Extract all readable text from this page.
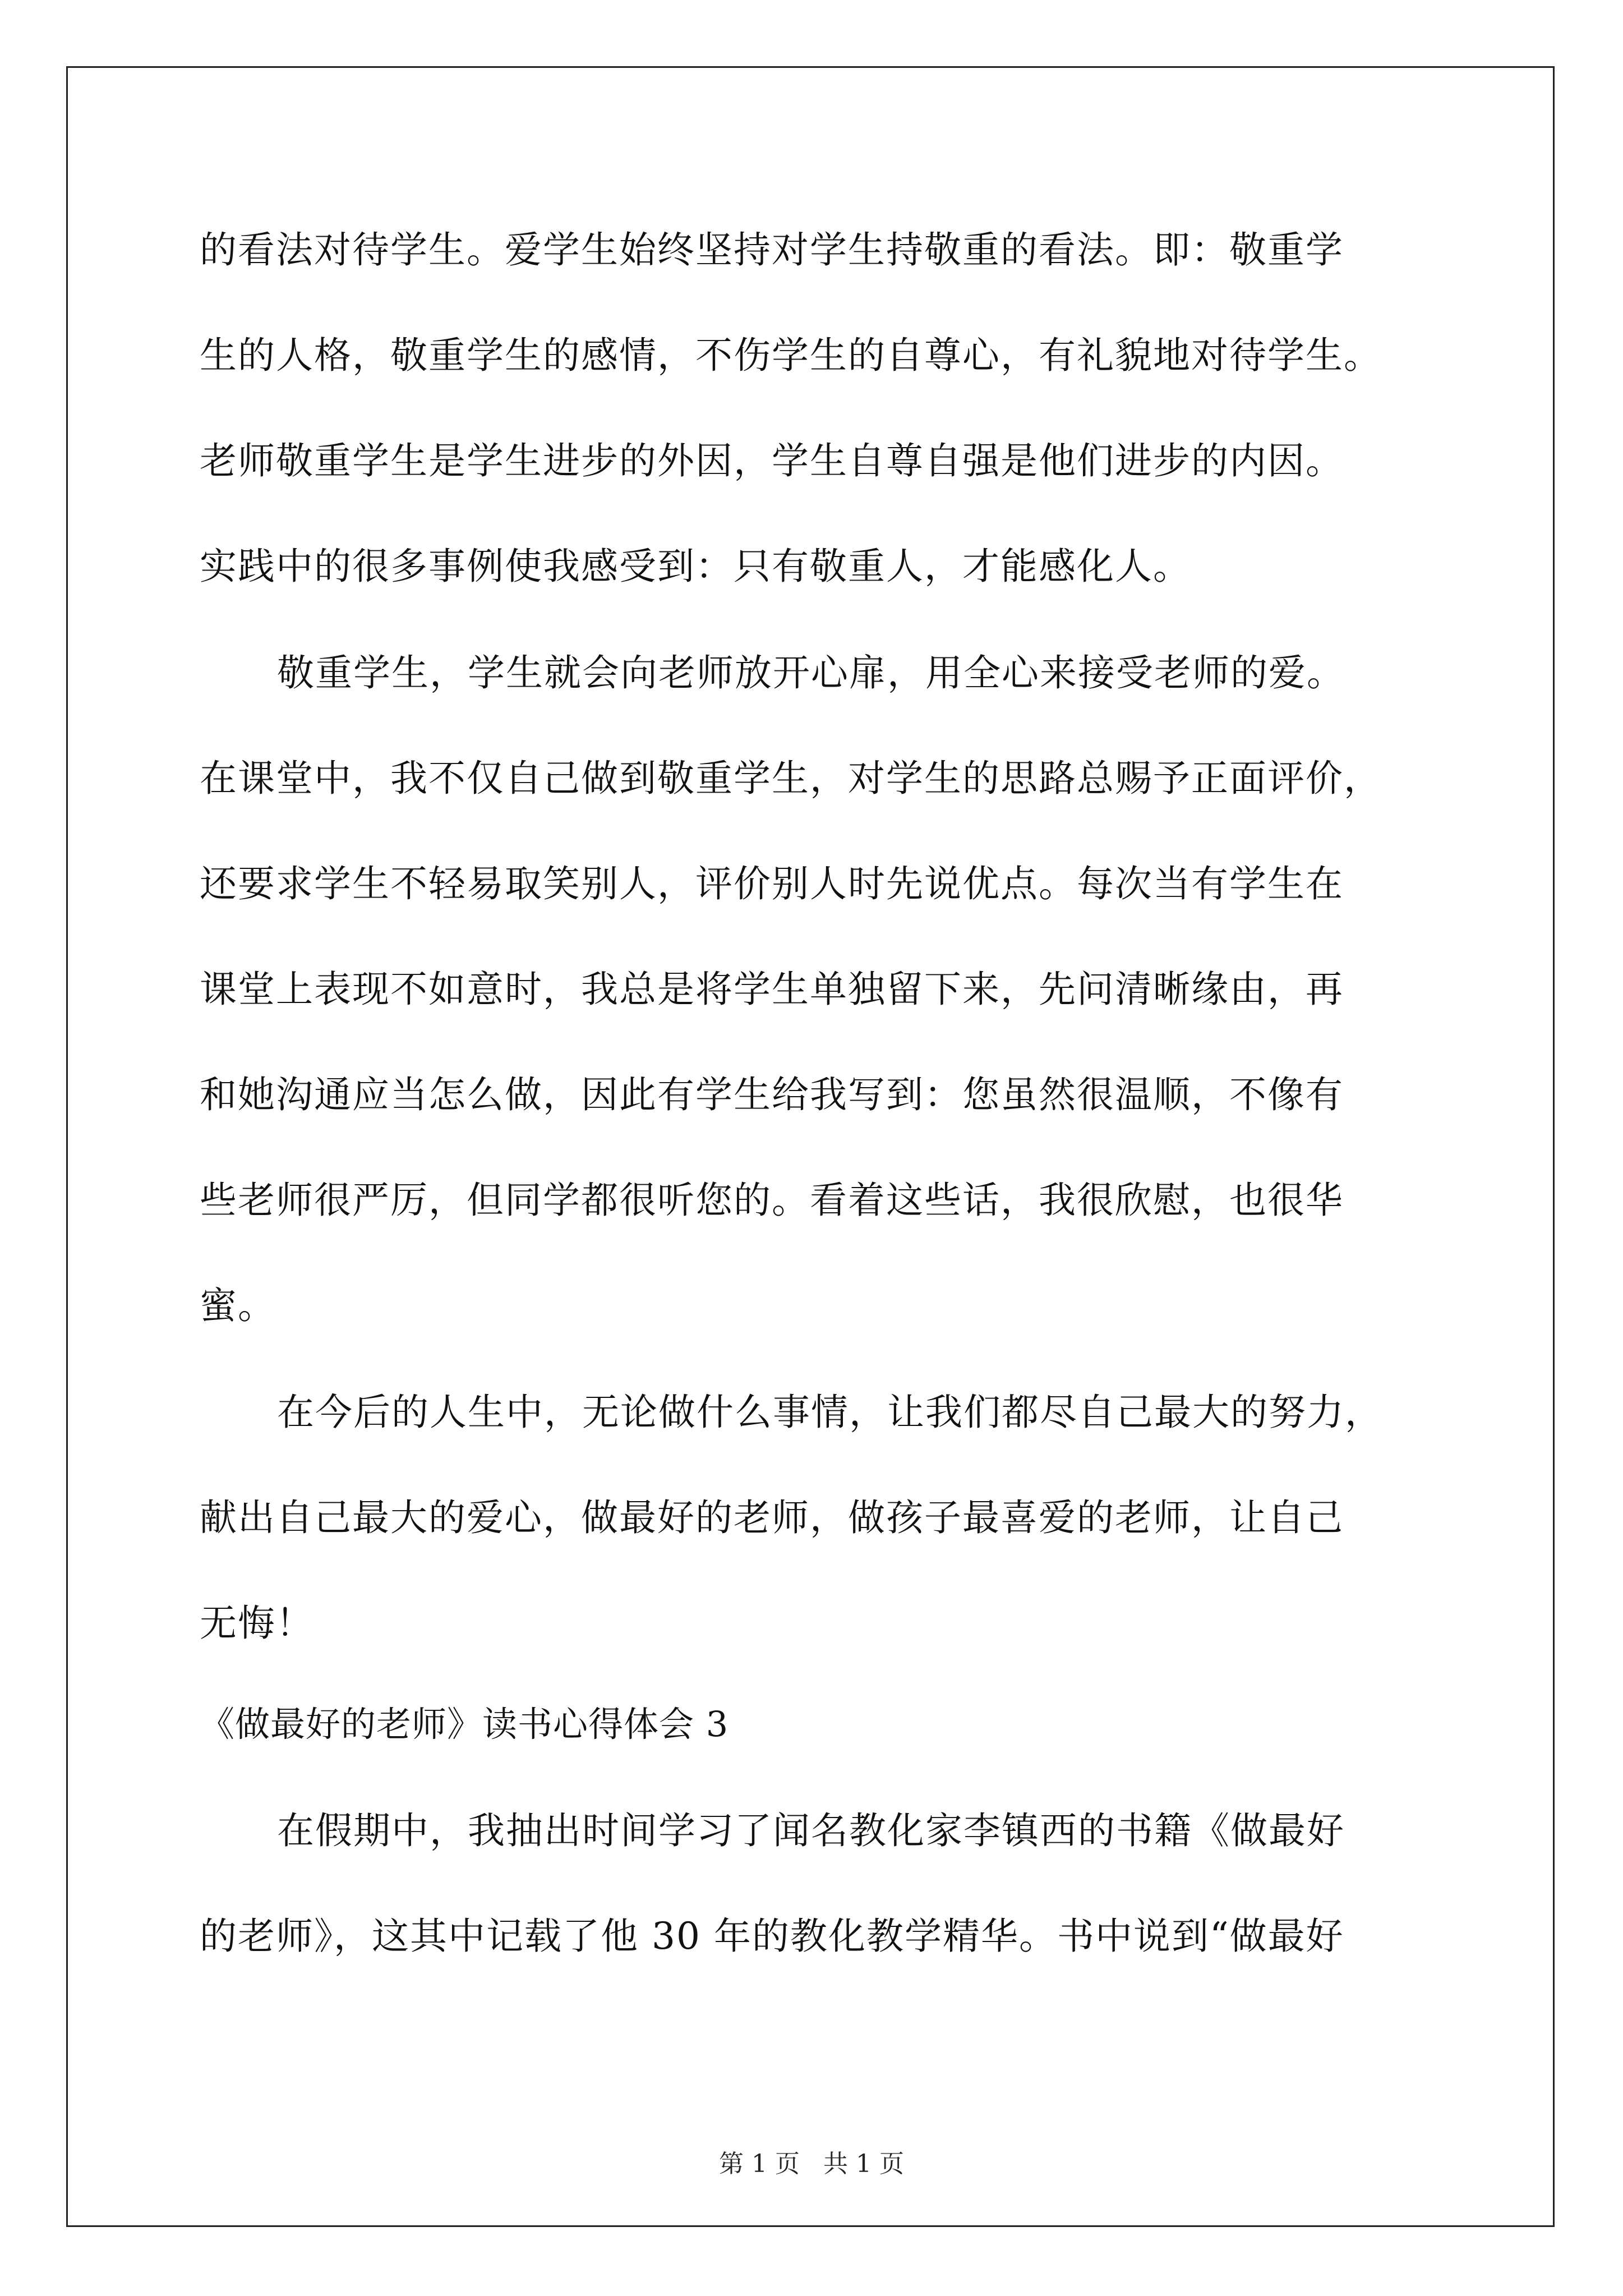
的看法对待学生。爱学生始终坚持对学生持敬重的看法。即：敬重学
生的人格，敬重学生的感情，不伤学生的自尊心，有礼貌地对待学生。
老师敬重学生是学生进步的外因，学生自尊自强是他们进步的内因。
实践中的很多事例使我感受到：只有敬重人，才能感化人。
敬重学生，学生就会向老师放开心扉，用全心来接受老师的爱。
在课堂中，我不仅自己做到敬重学生，对学生的思路总赐予正面评价，
还要求学生不轻易取笑别人，评价别人时先说优点。每次当有学生在
课堂上表现不如意时，我总是将学生单独留下来，先问清晰缘由，再
和她沟通应当怎么做，因此有学生给我写到：您虽然很温顺，不像有
些老师很严厉，但同学都很听您的。看着这些话，我很欣慰，也很华
蜜。
在今后的人生中，无论做什么事情，让我们都尽自己最大的努力，
献出自己最大的爱心，做最好的老师，做孩子最喜爱的老师，让自己
无悔！
《做最好的老师》读书心得体会 3
在假期中，我抽出时间学习了闻名教化家李镇西的书籍《做最好
的老师》，这其中记载了他 30 年的教化教学精华。书中说到“做最好
第 1 页   共 1 页
